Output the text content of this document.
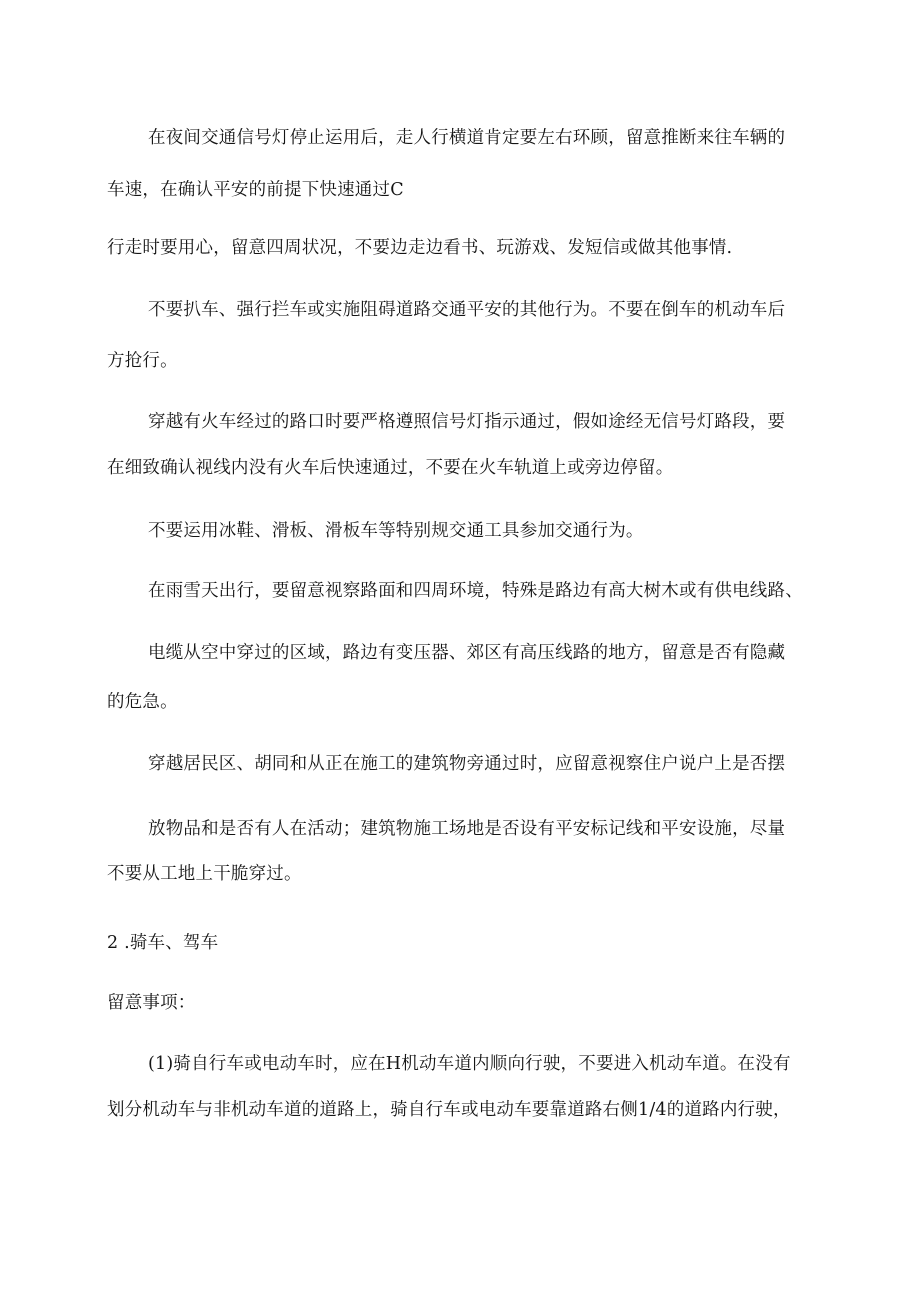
在夜间交通信号灯停止运用后，走人行横道肯定要左右环顾，留意推断来往车辆的
车速，在确认平安的前提下快速通过C
行走时要用心，留意四周状况，不要边走边看书、玩游戏、发短信或做其他事情.
不要扒车、强行拦车或实施阻碍道路交通平安的其他行为。不要在倒车的机动车后
方抢行。
穿越有火车经过的路口时要严格遵照信号灯指示通过，假如途经无信号灯路段，要
在细致确认视线内没有火车后快速通过，不要在火车轨道上或旁边停留。
不要运用冰鞋、滑板、滑板车等特别规交通工具参加交通行为。
在雨雪天出行，要留意视察路面和四周环境，特殊是路边有高大树木或有供电线路、
电缆从空中穿过的区域，路边有变压器、郊区有高压线路的地方，留意是否有隐藏
的危急。
穿越居民区、胡同和从正在施工的建筑物旁通过时，应留意视察住户说户上是否摆
放物品和是否有人在活动；建筑物施工场地是否设有平安标记线和平安设施，尽量
不要从工地上干脆穿过。
2 .骑车、驾车
留意事项：
(1)骑自行车或电动车时，应在H机动车道内顺向行驶，不要进入机动车道。在没有
划分机动车与非机动车道的道路上，骑自行车或电动车要靠道路右侧1/4的道路内行驶，
